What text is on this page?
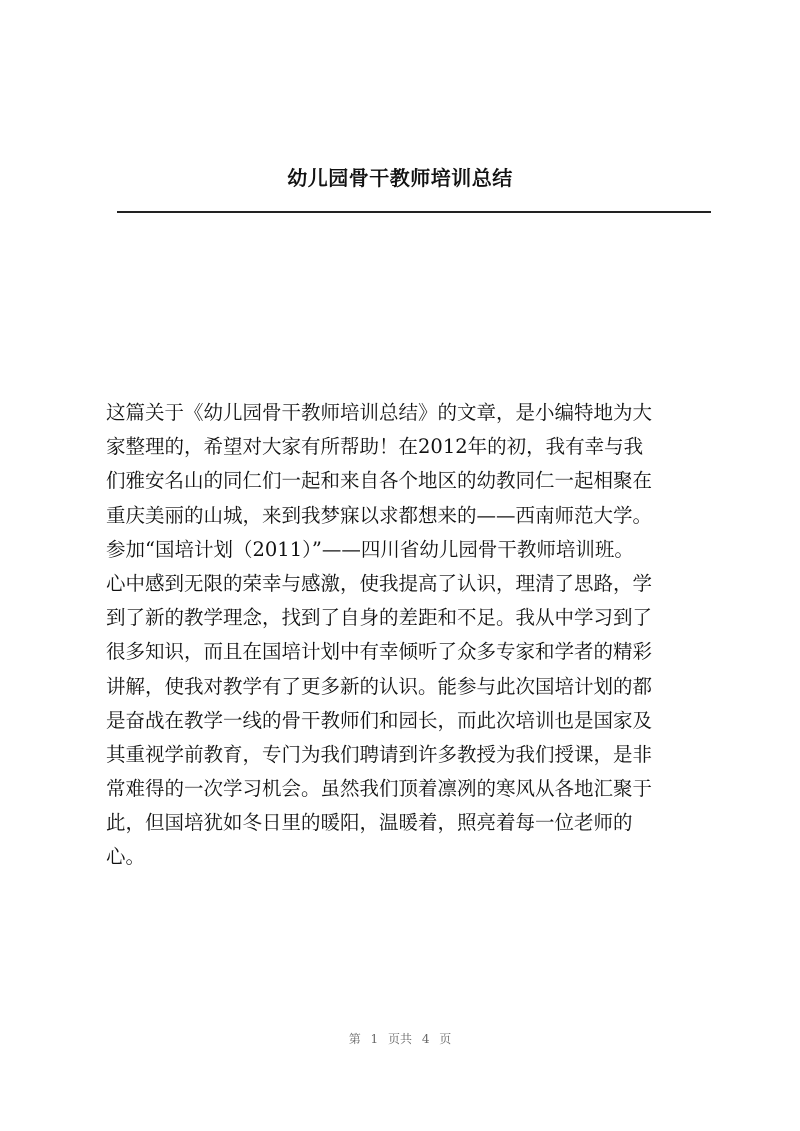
幼儿园骨干教师培训总结
这篇关于《幼儿园骨干教师培训总结》的文章，是小编特地为大
家整理的，希望对大家有所帮助！在2012年的初，我有幸与我
们雅安名山的同仁们一起和来自各个地区的幼教同仁一起相聚在
重庆美丽的山城，来到我梦寐以求都想来的——西南师范大学。
参加“国培计划（2011）”——四川省幼儿园骨干教师培训班。
心中感到无限的荣幸与感激，使我提高了认识，理清了思路，学
到了新的教学理念，找到了自身的差距和不足。我从中学习到了
很多知识，而且在国培计划中有幸倾听了众多专家和学者的精彩
讲解，使我对教学有了更多新的认识。能参与此次国培计划的都
是奋战在教学一线的骨干教师们和园长，而此次培训也是国家及
其重视学前教育，专门为我们聘请到许多教授为我们授课，是非
常难得的一次学习机会。虽然我们顶着凛冽的寒风从各地汇聚于
此，但国培犹如冬日里的暖阳，温暖着，照亮着每一位老师的
心。
第 1 页共 4 页
